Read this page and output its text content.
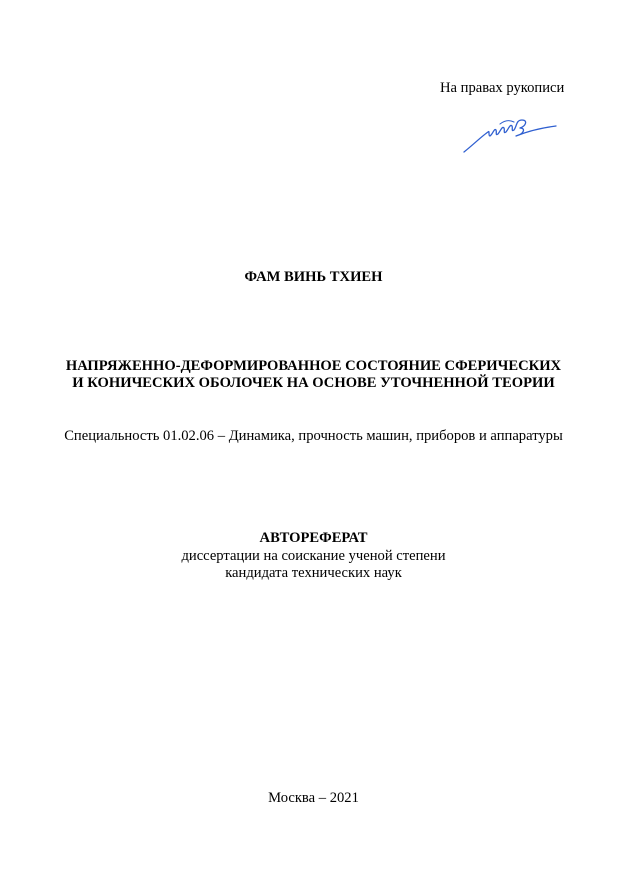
На правах рукописи
ФАМ ВИНЬ ТХИЕН
НАПРЯЖЕННО-ДЕФОРМИРОВАННОЕ СОСТОЯНИЕ СФЕРИЧЕСКИХ
И КОНИЧЕСКИХ ОБОЛОЧЕК НА ОСНОВЕ УТОЧНЕННОЙ ТЕОРИИ
Специальность 01.02.06 – Динамика, прочность машин, приборов и аппаратуры
АВТОРЕФЕРАТ
диссертации на соискание ученой степени
кандидата технических наук
Москва – 2021
